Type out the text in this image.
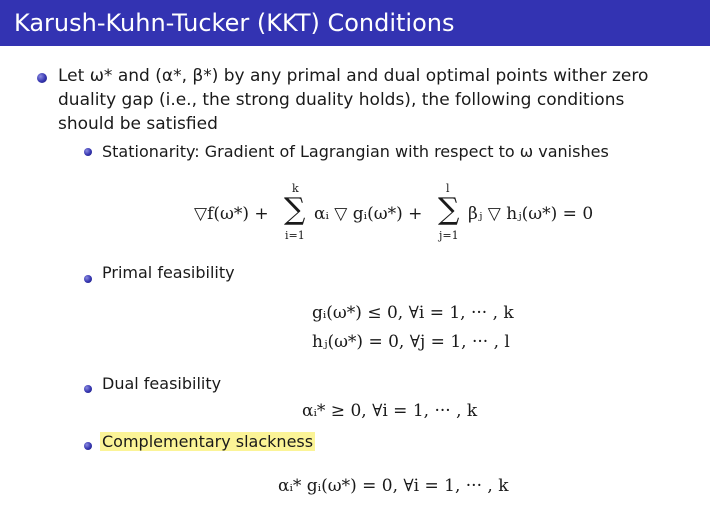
Karush-Kuhn-Tucker (KKT) Conditions
Let ω* and (α*, β*) by any primal and dual optimal points wither zero
duality gap (i.e., the strong duality holds), the following conditions
should be satisfied
Stationarity: Gradient of Lagrangian with respect to ω vanishes
▽f(ω*) +
k
∑
i=1
αᵢ ▽ gᵢ(ω*) +
l
∑
j=1
βⱼ ▽ hⱼ(ω*) = 0
Primal feasibility
gᵢ(ω*) ≤ 0, ∀i = 1, ··· , k
hⱼ(ω*) = 0, ∀j = 1, ··· , l
Dual feasibility
αᵢ* ≥ 0, ∀i = 1, ··· , k
Complementary slackness
αᵢ* gᵢ(ω*) = 0, ∀i = 1, ··· , k
